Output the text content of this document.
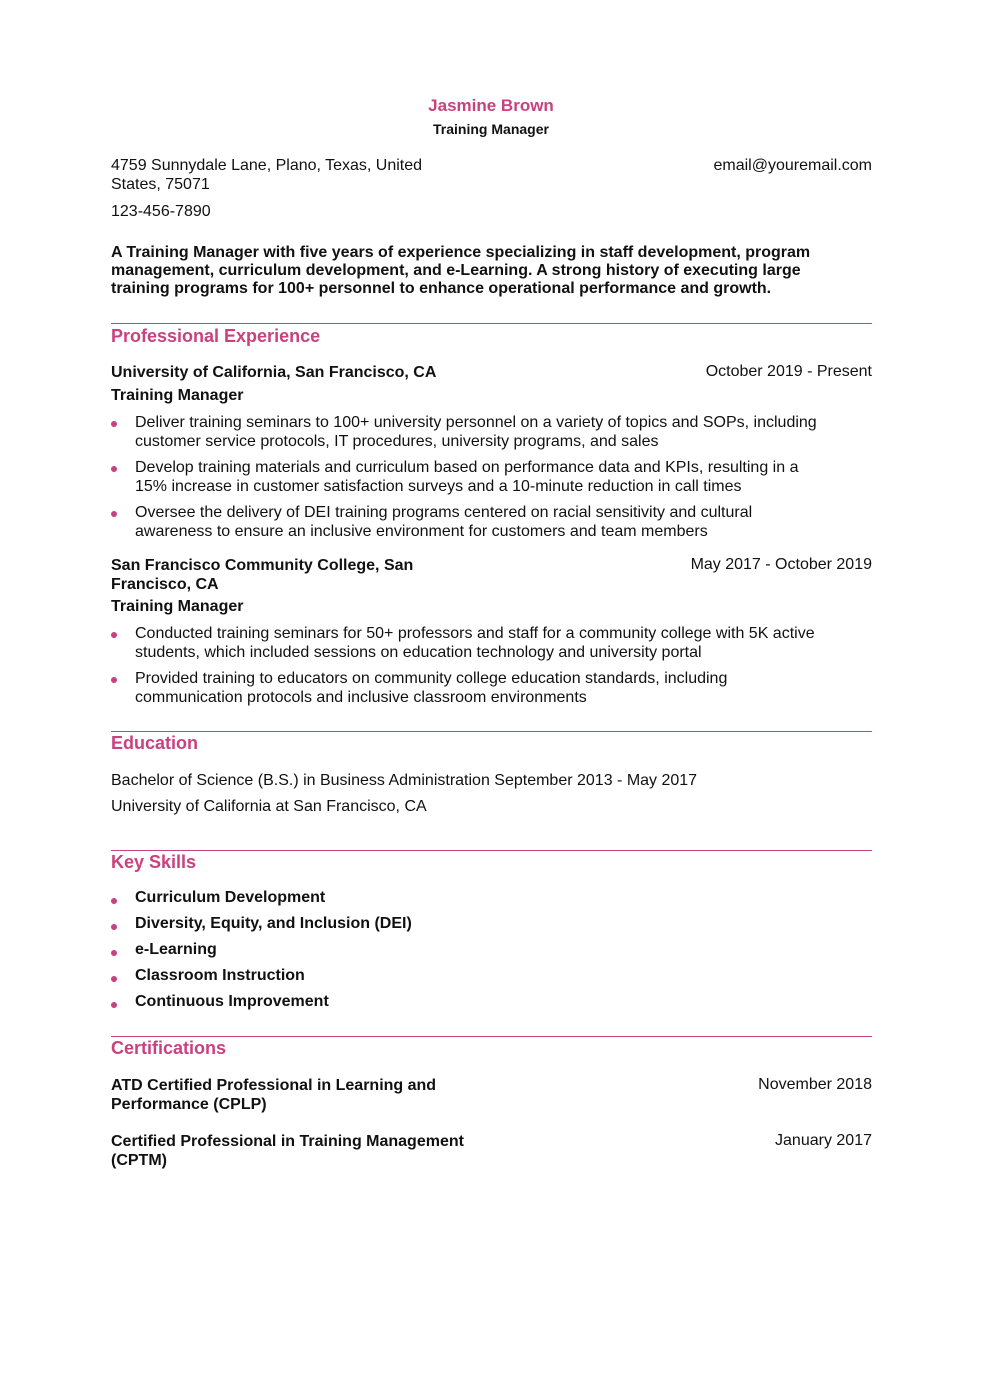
Jasmine Brown
Training Manager
4759 Sunnydale Lane, Plano, Texas, United
States, 75071
123-456-7890
email@youremail.com
A Training Manager with five years of experience specializing in staff development, program
management, curriculum development, and e-Learning. A strong history of executing large
training programs for 100+ personnel to enhance operational performance and growth.
Professional Experience
University of California, San Francisco, CA	October 2019 - Present
Training Manager
Deliver training seminars to 100+ university personnel on a variety of topics and SOPs, including
customer service protocols, IT procedures, university programs, and sales
Develop training materials and curriculum based on performance data and KPIs, resulting in a
15% increase in customer satisfaction surveys and a 10-minute reduction in call times
Oversee the delivery of DEI training programs centered on racial sensitivity and cultural
awareness to ensure an inclusive environment for customers and team members
San Francisco Community College, San
Francisco, CA
May 2017 - October 2019
Training Manager
Conducted training seminars for 50+ professors and staff for a community college with 5K active
students, which included sessions on education technology and university portal
Provided training to educators on community college education standards, including
communication protocols and inclusive classroom environments
Education
Bachelor of Science (B.S.) in Business Administration September 2013 - May 2017
University of California at San Francisco, CA
Key Skills
Curriculum Development
Diversity, Equity, and Inclusion (DEI)
e-Learning
Classroom Instruction
Continuous Improvement
Certifications
ATD Certified Professional in Learning and
Performance (CPLP)
November 2018
Certified Professional in Training Management
(CPTM)
January 2017
